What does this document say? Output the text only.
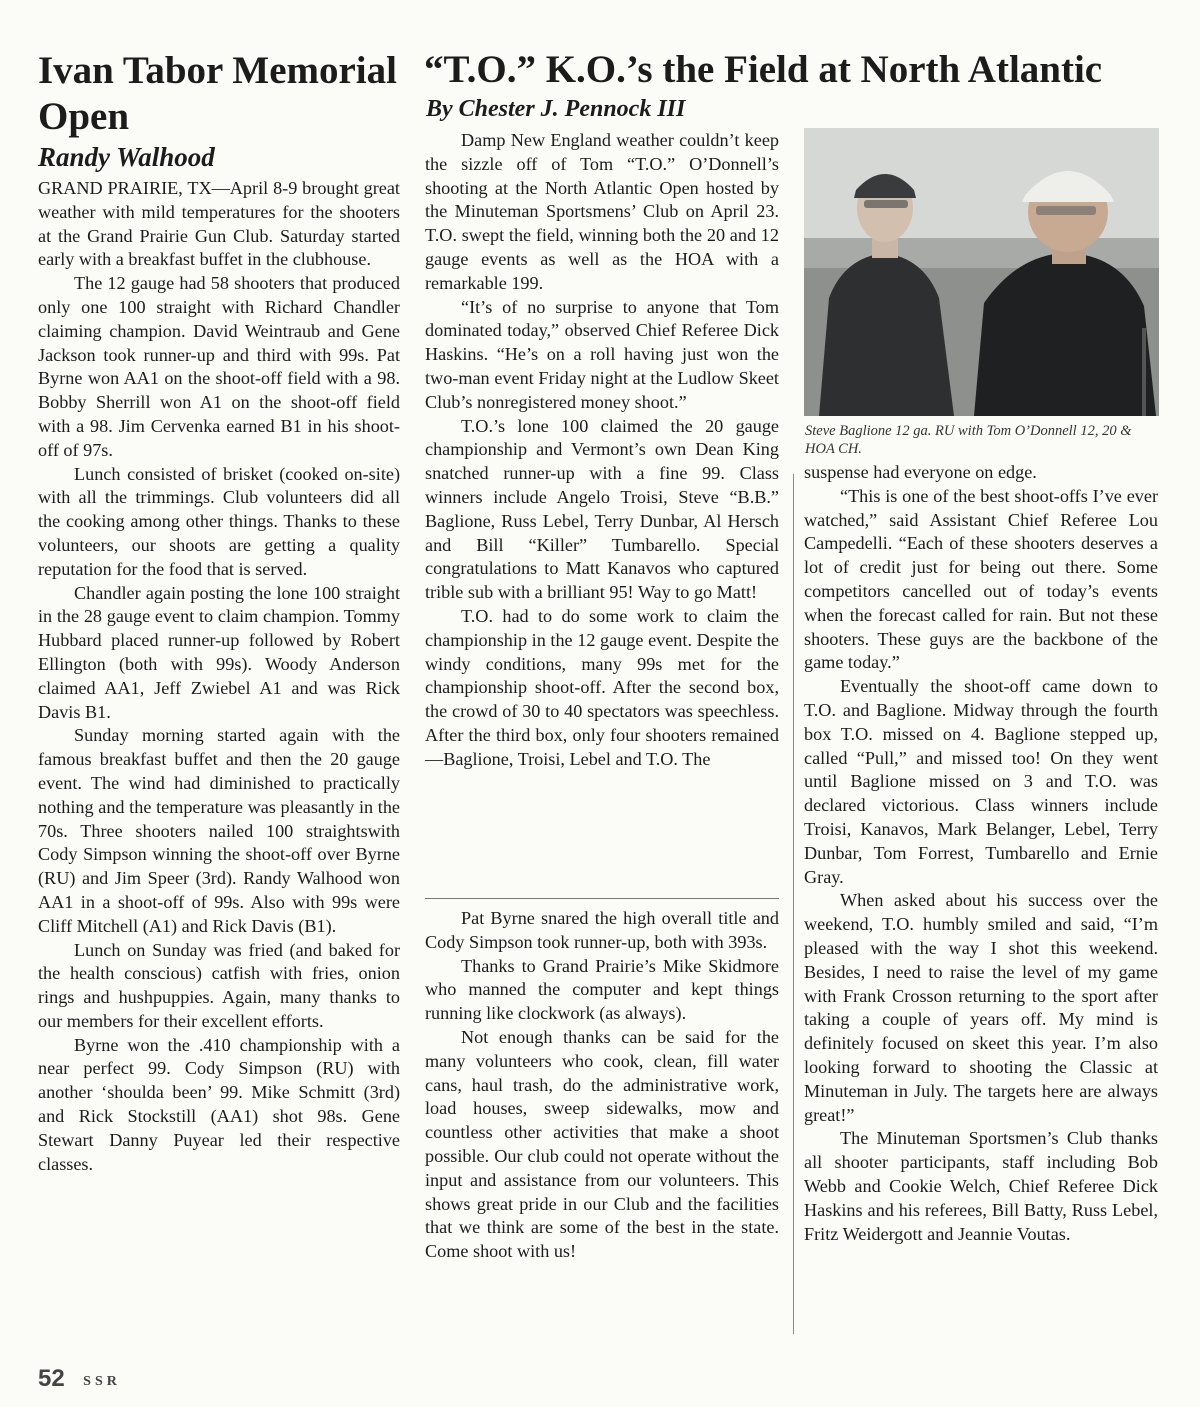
Ivan Tabor Memorial Open
Randy Walhood

GRAND PRAIRIE, TX—April 8-9 brought great weather with mild temperatures for the shooters at the Grand Prairie Gun Club. Saturday started early with a breakfast buffet in the clubhouse.

The 12 gauge had 58 shooters that produced only one 100 straight with Richard Chandler claiming champion. David Weintraub and Gene Jackson took runner-up and third with 99s. Pat Byrne won AA1 on the shoot-off field with a 98. Bobby Sherrill won A1 on the shoot-off field with a 98. Jim Cervenka earned B1 in his shoot-off of 97s.

Lunch consisted of brisket (cooked on-site) with all the trimmings. Club volunteers did all the cooking among other things. Thanks to these volunteers, our shoots are getting a quality reputation for the food that is served.

Chandler again posting the lone 100 straight in the 28 gauge event to claim champion. Tommy Hubbard placed runner-up followed by Robert Ellington (both with 99s). Woody Anderson claimed AA1, Jeff Zwiebel A1 and was Rick Davis B1.

Sunday morning started again with the famous breakfast buffet and then the 20 gauge event. The wind had diminished to practically nothing and the temperature was pleasantly in the 70s. Three shooters nailed 100 straightswith Cody Simpson winning the shoot-off over Byrne (RU) and Jim Speer (3rd). Randy Walhood won AA1 in a shoot-off of 99s. Also with 99s were Cliff Mitchell (A1) and Rick Davis (B1).

Lunch on Sunday was fried (and baked for the health conscious) catfish with fries, onion rings and hushpuppies. Again, many thanks to our members for their excellent efforts.

Byrne won the .410 championship with a near perfect 99. Cody Simpson (RU) with another ‘shoulda been’ 99. Mike Schmitt (3rd) and Rick Stockstill (AA1) shot 98s. Gene Stewart Danny Puyear led their respective classes.

“T.O.” K.O.’s the Field at North Atlantic
By Chester J. Pennock III

Damp New England weather couldn’t keep the sizzle off of Tom “T.O.” O’Donnell’s shooting at the North Atlantic Open hosted by the Minuteman Sportsmens’ Club on April 23. T.O. swept the field, winning both the 20 and 12 gauge events as well as the HOA with a remarkable 199.

“It’s of no surprise to anyone that Tom dominated today,” observed Chief Referee Dick Haskins. “He’s on a roll having just won the two-man event Friday night at the Ludlow Skeet Club’s nonregistered money shoot.”

T.O.’s lone 100 claimed the 20 gauge championship and Vermont’s own Dean King snatched runner-up with a fine 99. Class winners include Angelo Troisi, Steve “B.B.” Baglione, Russ Lebel, Terry Dunbar, Al Hersch and Bill “Killer” Tumbarello. Special congratulations to Matt Kanavos who captured trible sub with a brilliant 95! Way to go Matt!

T.O. had to do some work to claim the championship in the 12 gauge event. Despite the windy conditions, many 99s met for the championship shoot-off. After the second box, the crowd of 30 to 40 spectators was speechless. After the third box, only four shooters remained—Baglione, Troisi, Lebel and T.O. The

Pat Byrne snared the high overall title and Cody Simpson took runner-up, both with 393s.

Thanks to Grand Prairie’s Mike Skidmore who manned the computer and kept things running like clockwork (as always).

Not enough thanks can be said for the many volunteers who cook, clean, fill water cans, haul trash, do the administrative work, load houses, sweep sidewalks, mow and countless other activities that make a shoot possible. Our club could not operate without the input and assistance from our volunteers. This shows great pride in our Club and the facilities that we think are some of the best in the state. Come shoot with us!

Steve Baglione 12 ga. RU with Tom O’Donnell 12, 20 & HOA CH.

suspense had everyone on edge.

“This is one of the best shoot-offs I’ve ever watched,” said Assistant Chief Referee Lou Campedelli. “Each of these shooters deserves a lot of credit just for being out there. Some competitors cancelled out of today’s events when the forecast called for rain. But not these shooters. These guys are the backbone of the game today.”

Eventually the shoot-off came down to T.O. and Baglione. Midway through the fourth box T.O. missed on 4. Baglione stepped up, called “Pull,” and missed too! On they went until Baglione missed on 3 and T.O. was declared victorious. Class winners include Troisi, Kanavos, Mark Belanger, Lebel, Terry Dunbar, Tom Forrest, Tumbarello and Ernie Gray.

When asked about his success over the weekend, T.O. humbly smiled and said, “I’m pleased with the way I shot this weekend. Besides, I need to raise the level of my game with Frank Crosson returning to the sport after taking a couple of years off. My mind is definitely focused on skeet this year. I’m also looking forward to shooting the Classic at Minuteman in July. The targets here are always great!”

The Minuteman Sportsmen’s Club thanks all shooter participants, staff including Bob Webb and Cookie Welch, Chief Referee Dick Haskins and his referees, Bill Batty, Russ Lebel, Fritz Weidergott and Jeannie Voutas.

52 SSR
